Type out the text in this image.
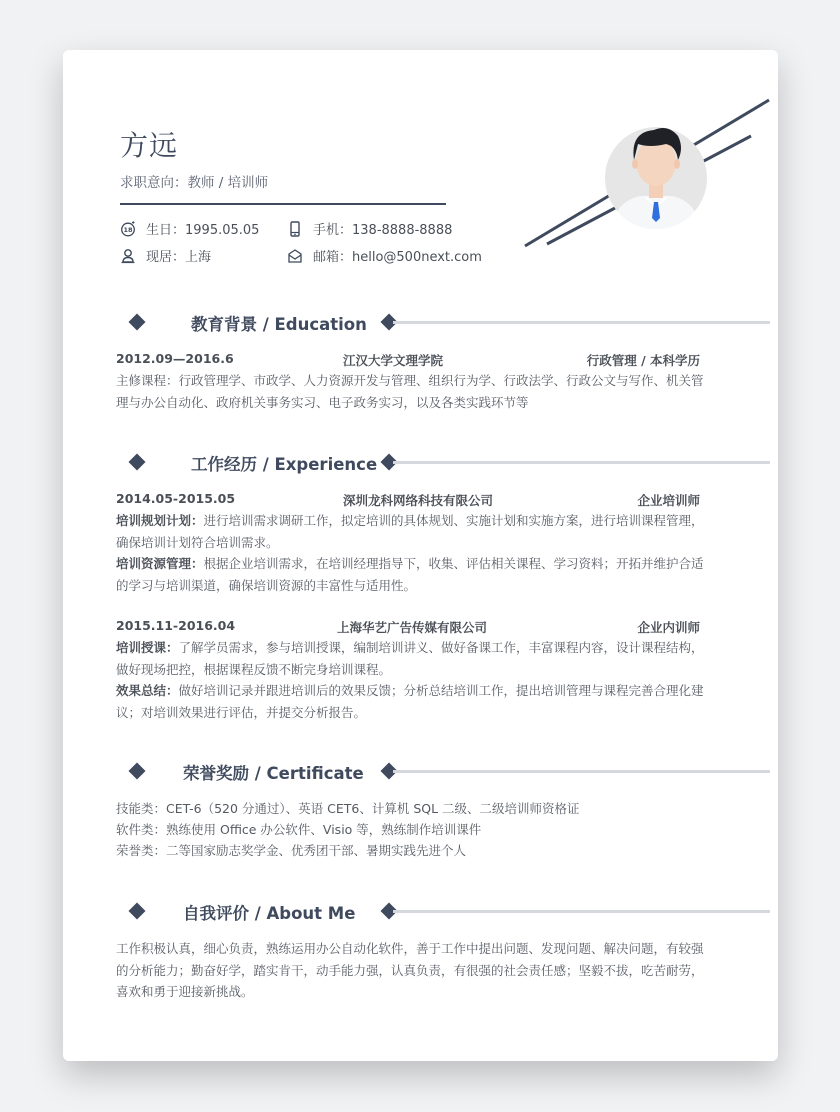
方远
求职意向：教师 / 培训师
18 生日：1995.05.05	手机：138-8888-8888
现居：上海	邮箱：hello@500next.com
教育背景 / Education
2012.09—2016.6	江汉大学文理学院	行政管理 / 本科学历

主修课程：行政管理学、市政学、人力资源开发与管理、组织行为学、行政法学、行政公文与写作、机关管理与办公自动化、政府机关事务实习、电子政务实习，以及各类实践环节等

工作经历 / Experience
2014.05-2015.05	深圳龙科网络科技有限公司	企业培训师

培训规划计划：进行培训需求调研工作，拟定培训的具体规划、实施计划和实施方案，进行培训课程管理，确保培训计划符合培训需求。

培训资源管理：根据企业培训需求，在培训经理指导下，收集、评估相关课程、学习资料；开拓并维护合适的学习与培训渠道，确保培训资源的丰富性与适用性。

2015.11-2016.04	上海华艺广告传媒有限公司	企业内训师

培训授课：了解学员需求，参与培训授课，编制培训讲义、做好备课工作，丰富课程内容，设计课程结构，做好现场把控，根据课程反馈不断完身培训课程。

效果总结：做好培训记录并跟进培训后的效果反馈；分析总结培训工作，提出培训管理与课程完善合理化建议；对培训效果进行评估，并提交分析报告。

荣誉奖励 / Certificate

技能类：CET-6（520 分通过）、英语 CET6、计算机 SQL 二级、二级培训师资格证

软件类：熟练使用 Office 办公软件、Visio 等，熟练制作培训课件

荣誉类：二等国家励志奖学金、优秀团干部、暑期实践先进个人

自我评价 / About Me

工作积极认真，细心负责，熟练运用办公自动化软件，善于工作中提出问题、发现问题、解决问题，有较强的分析能力；勤奋好学，踏实肯干，动手能力强，认真负责，有很强的社会责任感；坚毅不拔，吃苦耐劳，喜欢和勇于迎接新挑战。
